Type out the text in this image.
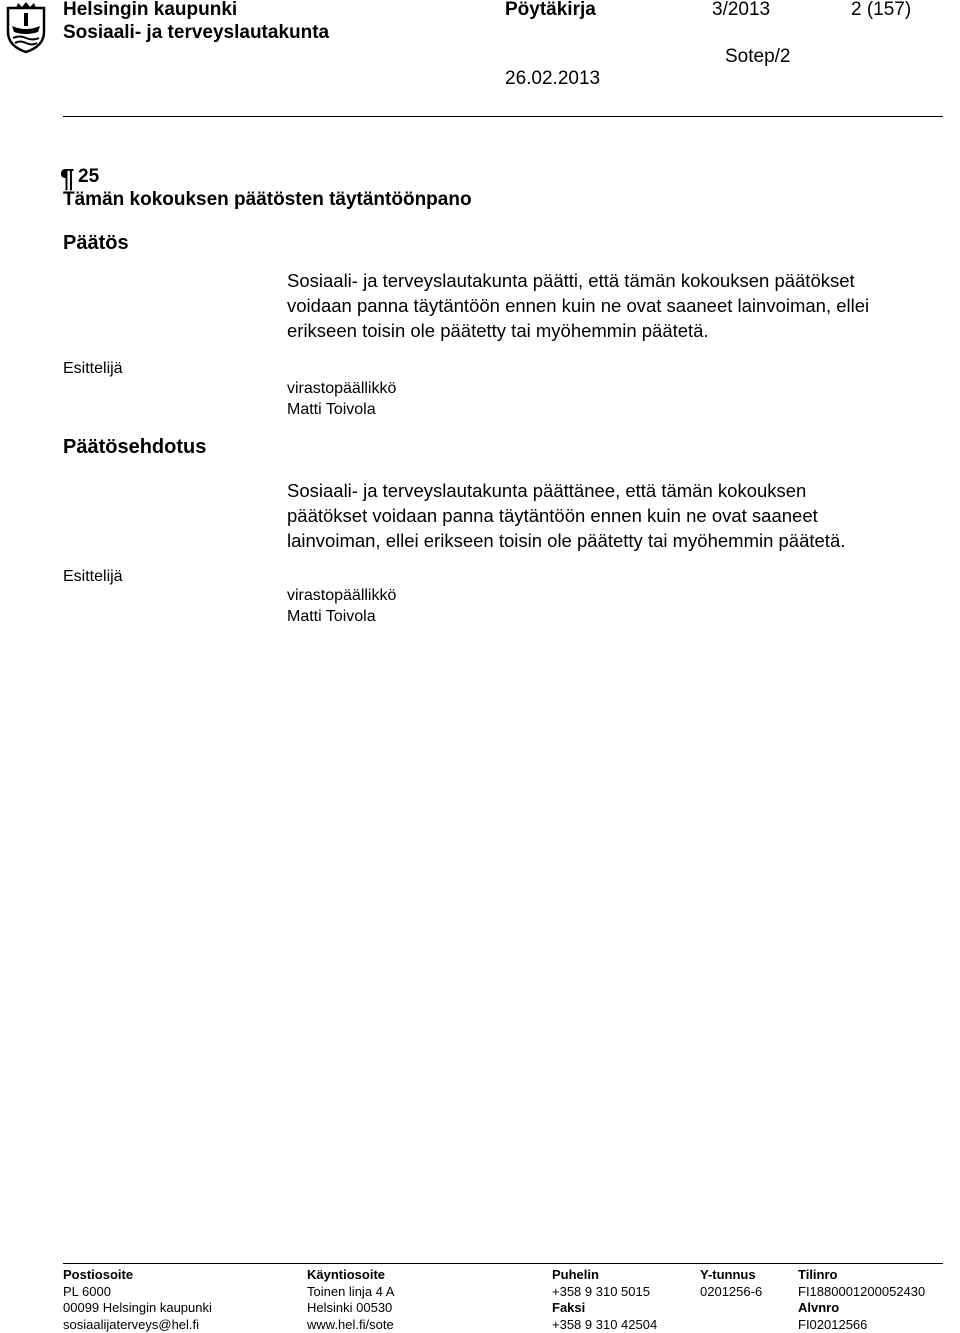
Helsingin kaupunki
Sosiaali- ja terveyslautakunta
Pöytäkirja
26.02.2013
3/2013
Sotep/2
2 (157)
¶ 25
Tämän kokouksen päätösten täytäntöönpano
Päätös
Sosiaali- ja terveyslautakunta päätti, että tämän kokouksen päätökset
voidaan panna täytäntöön ennen kuin ne ovat saaneet lainvoiman, ellei
erikseen toisin ole päätetty tai myöhemmin päätetä.
Esittelijä
virastopäällikkö
Matti Toivola
Päätösehdotus
Sosiaali- ja terveyslautakunta päättänee, että tämän kokouksen
päätökset voidaan panna täytäntöön ennen kuin ne ovat saaneet
lainvoiman, ellei erikseen toisin ole päätetty tai myöhemmin päätetä.
Esittelijä
virastopäällikkö
Matti Toivola
Postiosoite
PL 6000
00099 Helsingin kaupunki
sosiaalijaterveys@hel.fi
Käyntiosoite
Toinen linja 4 A
Helsinki 00530
www.hel.fi/sote
Puhelin
+358 9 310 5015
Faksi
+358 9 310 42504
Y-tunnus
0201256-6
Tilinro
FI1880001200052430
Alvnro
FI02012566
